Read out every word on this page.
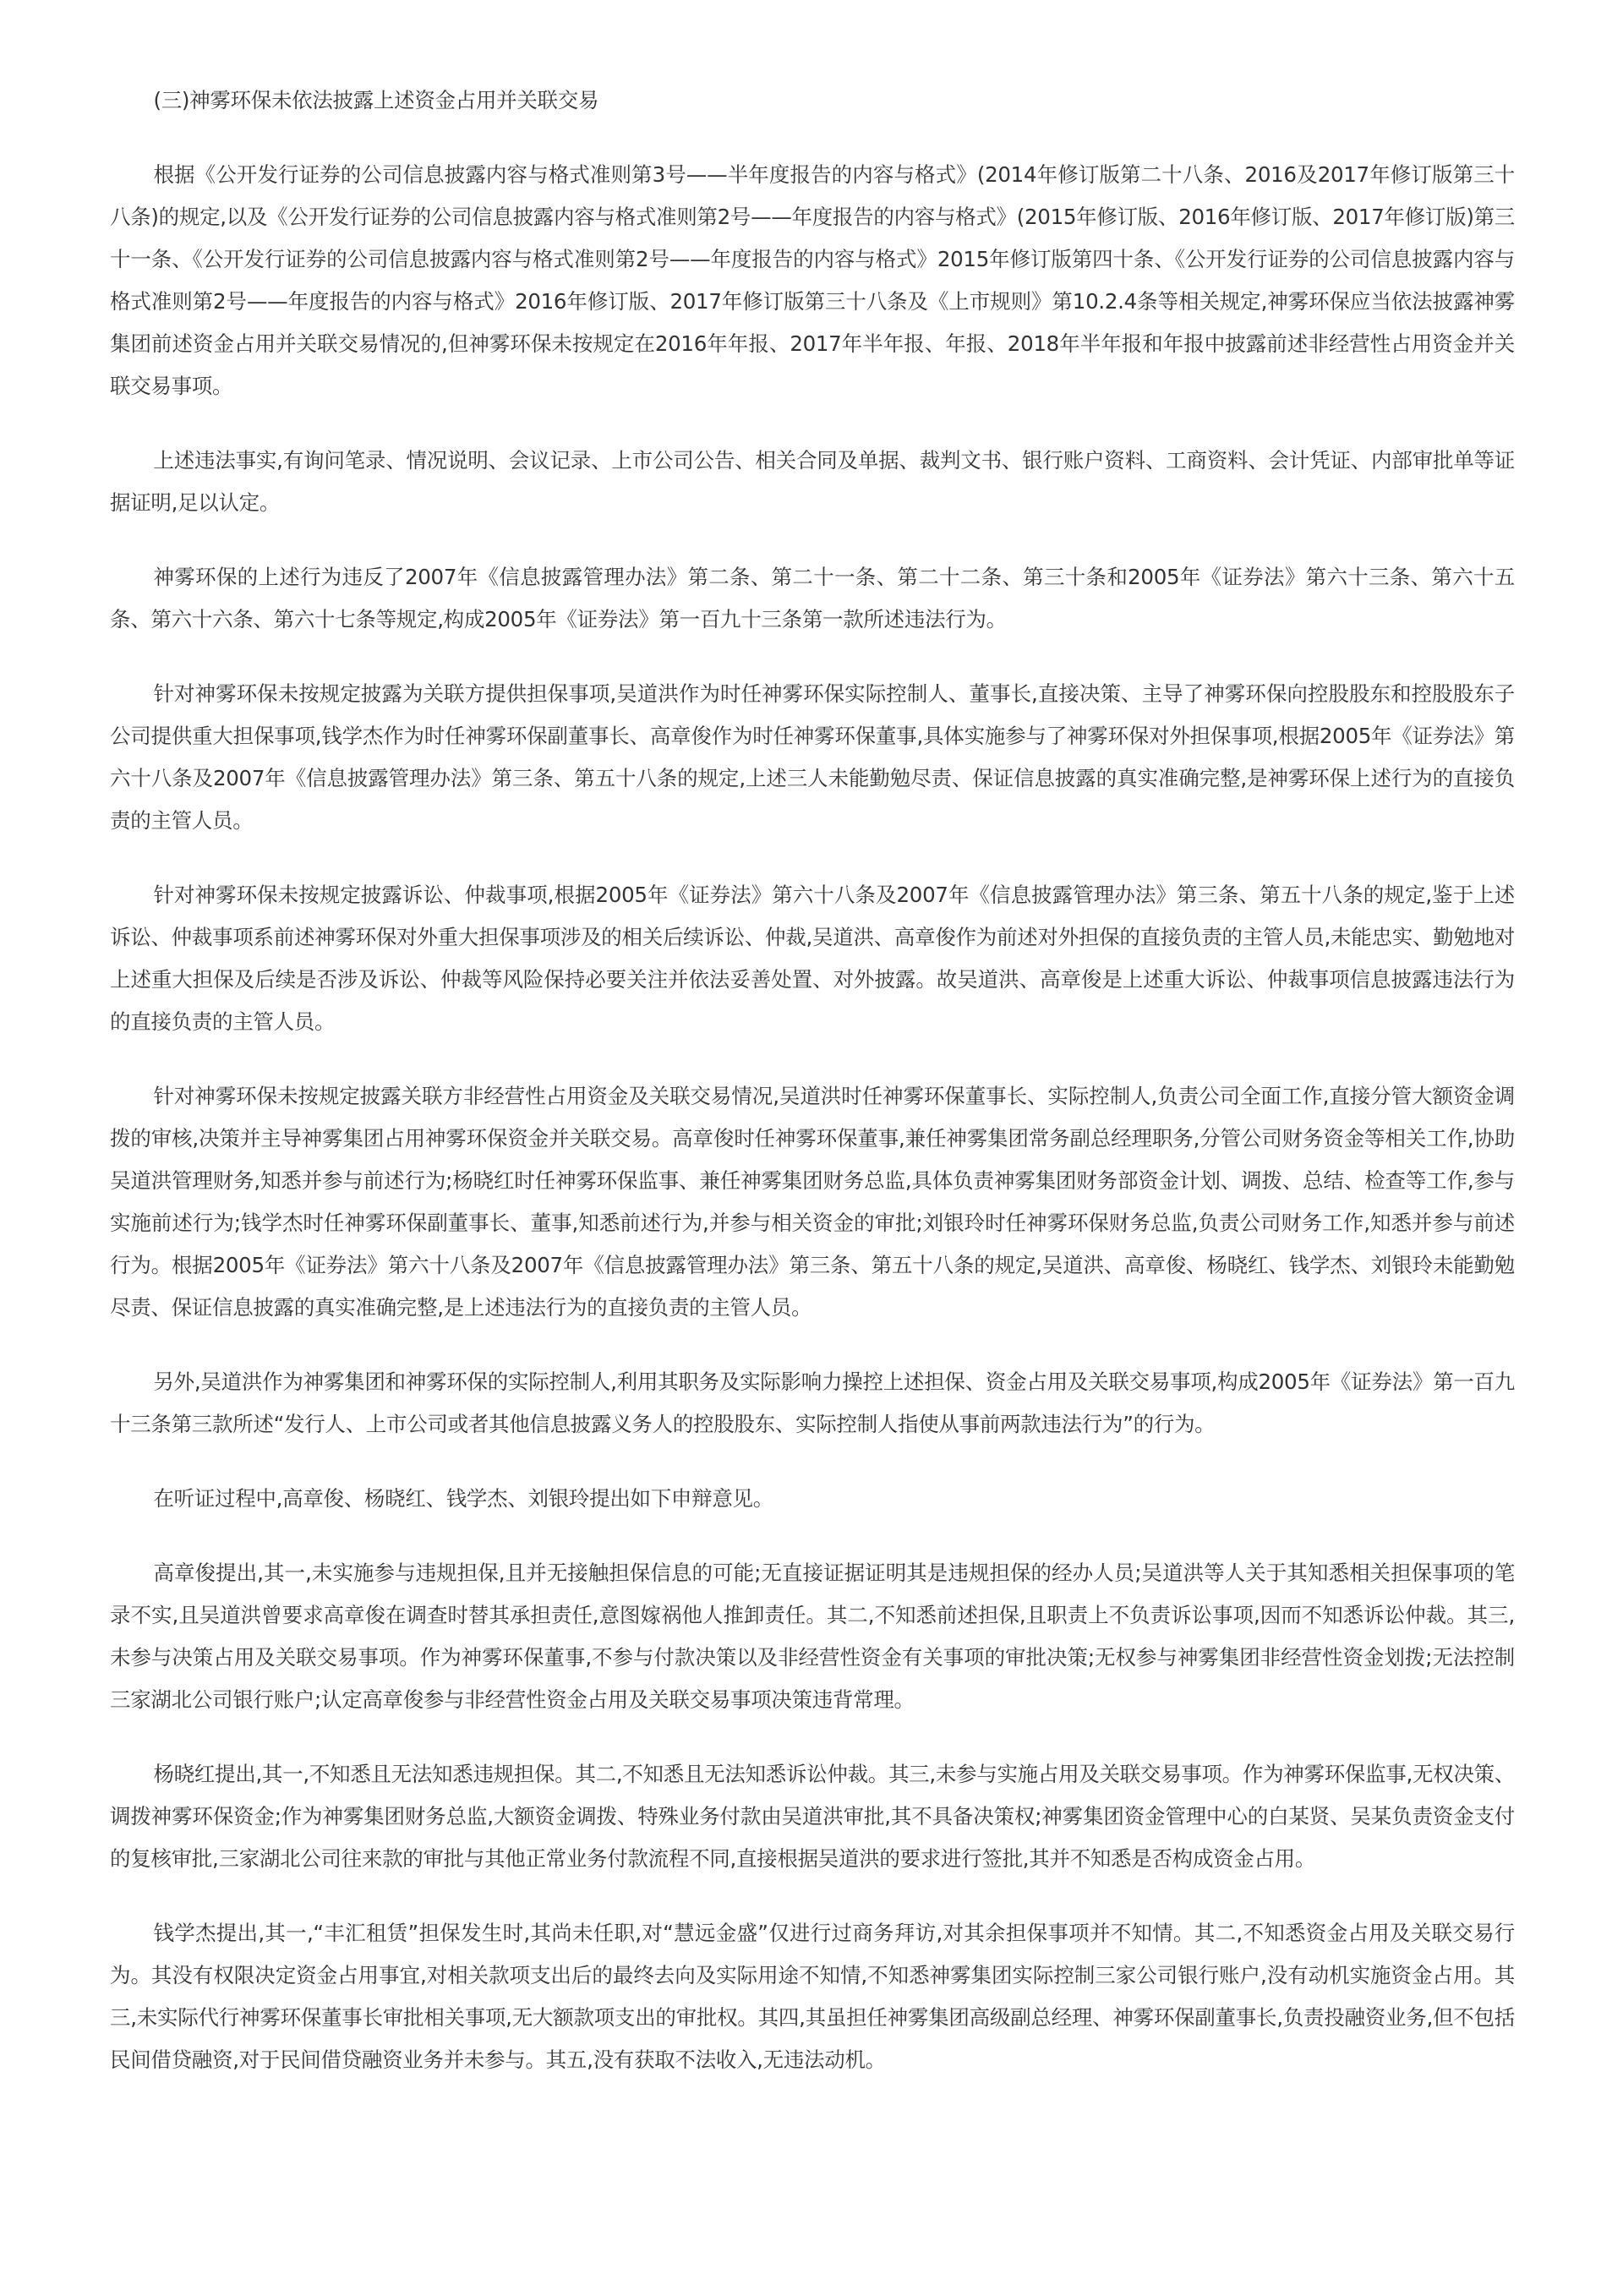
(三)神雾环保未依法披露上述资金占用并关联交易

根据《公开发行证券的公司信息披露内容与格式准则第3号——半年度报告的内容与格式》(2014年修订版第二十八条、2016及2017年修订版第三十八条)的规定,以及《公开发行证券的公司信息披露内容与格式准则第2号——年度报告的内容与格式》(2015年修订版、2016年修订版、2017年修订版)第三十一条、《公开发行证券的公司信息披露内容与格式准则第2号——年度报告的内容与格式》2015年修订版第四十条、《公开发行证券的公司信息披露内容与格式准则第2号——年度报告的内容与格式》2016年修订版、2017年修订版第三十八条及《上市规则》第10.2.4条等相关规定,神雾环保应当依法披露神雾集团前述资金占用并关联交易情况的,但神雾环保未按规定在2016年年报、2017年半年报、年报、2018年半年报和年报中披露前述非经营性占用资金并关联交易事项。

上述违法事实,有询问笔录、情况说明、会议记录、上市公司公告、相关合同及单据、裁判文书、银行账户资料、工商资料、会计凭证、内部审批单等证据证明,足以认定。

神雾环保的上述行为违反了2007年《信息披露管理办法》第二条、第二十一条、第二十二条、第三十条和2005年《证券法》第六十三条、第六十五条、第六十六条、第六十七条等规定,构成2005年《证券法》第一百九十三条第一款所述违法行为。

针对神雾环保未按规定披露为关联方提供担保事项,吴道洪作为时任神雾环保实际控制人、董事长,直接决策、主导了神雾环保向控股股东和控股股东子公司提供重大担保事项,钱学杰作为时任神雾环保副董事长、高章俊作为时任神雾环保董事,具体实施参与了神雾环保对外担保事项,根据2005年《证券法》第六十八条及2007年《信息披露管理办法》第三条、第五十八条的规定,上述三人未能勤勉尽责、保证信息披露的真实准确完整,是神雾环保上述行为的直接负责的主管人员。

针对神雾环保未按规定披露诉讼、仲裁事项,根据2005年《证券法》第六十八条及2007年《信息披露管理办法》第三条、第五十八条的规定,鉴于上述诉讼、仲裁事项系前述神雾环保对外重大担保事项涉及的相关后续诉讼、仲裁,吴道洪、高章俊作为前述对外担保的直接负责的主管人员,未能忠实、勤勉地对上述重大担保及后续是否涉及诉讼、仲裁等风险保持必要关注并依法妥善处置、对外披露。故吴道洪、高章俊是上述重大诉讼、仲裁事项信息披露违法行为的直接负责的主管人员。

针对神雾环保未按规定披露关联方非经营性占用资金及关联交易情况,吴道洪时任神雾环保董事长、实际控制人,负责公司全面工作,直接分管大额资金调拨的审核,决策并主导神雾集团占用神雾环保资金并关联交易。高章俊时任神雾环保董事,兼任神雾集团常务副总经理职务,分管公司财务资金等相关工作,协助吴道洪管理财务,知悉并参与前述行为;杨晓红时任神雾环保监事、兼任神雾集团财务总监,具体负责神雾集团财务部资金计划、调拨、总结、检查等工作,参与实施前述行为;钱学杰时任神雾环保副董事长、董事,知悉前述行为,并参与相关资金的审批;刘银玲时任神雾环保财务总监,负责公司财务工作,知悉并参与前述行为。根据2005年《证券法》第六十八条及2007年《信息披露管理办法》第三条、第五十八条的规定,吴道洪、高章俊、杨晓红、钱学杰、刘银玲未能勤勉尽责、保证信息披露的真实准确完整,是上述违法行为的直接负责的主管人员。

另外,吴道洪作为神雾集团和神雾环保的实际控制人,利用其职务及实际影响力操控上述担保、资金占用及关联交易事项,构成2005年《证券法》第一百九十三条第三款所述“发行人、上市公司或者其他信息披露义务人的控股股东、实际控制人指使从事前两款违法行为”的行为。

在听证过程中,高章俊、杨晓红、钱学杰、刘银玲提出如下申辩意见。

高章俊提出,其一,未实施参与违规担保,且并无接触担保信息的可能;无直接证据证明其是违规担保的经办人员;吴道洪等人关于其知悉相关担保事项的笔录不实,且吴道洪曾要求高章俊在调查时替其承担责任,意图嫁祸他人推卸责任。其二,不知悉前述担保,且职责上不负责诉讼事项,因而不知悉诉讼仲裁。其三,未参与决策占用及关联交易事项。作为神雾环保董事,不参与付款决策以及非经营性资金有关事项的审批决策;无权参与神雾集团非经营性资金划拨;无法控制三家湖北公司银行账户;认定高章俊参与非经营性资金占用及关联交易事项决策违背常理。

杨晓红提出,其一,不知悉且无法知悉违规担保。其二,不知悉且无法知悉诉讼仲裁。其三,未参与实施占用及关联交易事项。作为神雾环保监事,无权决策、调拨神雾环保资金;作为神雾集团财务总监,大额资金调拨、特殊业务付款由吴道洪审批,其不具备决策权;神雾集团资金管理中心的白某贤、吴某负责资金支付的复核审批,三家湖北公司往来款的审批与其他正常业务付款流程不同,直接根据吴道洪的要求进行签批,其并不知悉是否构成资金占用。

钱学杰提出,其一,“丰汇租赁”担保发生时,其尚未任职,对“慧远金盛”仅进行过商务拜访,对其余担保事项并不知情。其二,不知悉资金占用及关联交易行为。其没有权限决定资金占用事宜,对相关款项支出后的最终去向及实际用途不知情,不知悉神雾集团实际控制三家公司银行账户,没有动机实施资金占用。其三,未实际代行神雾环保董事长审批相关事项,无大额款项支出的审批权。其四,其虽担任神雾集团高级副总经理、神雾环保副董事长,负责投融资业务,但不包括民间借贷融资,对于民间借贷融资业务并未参与。其五,没有获取不法收入,无违法动机。
